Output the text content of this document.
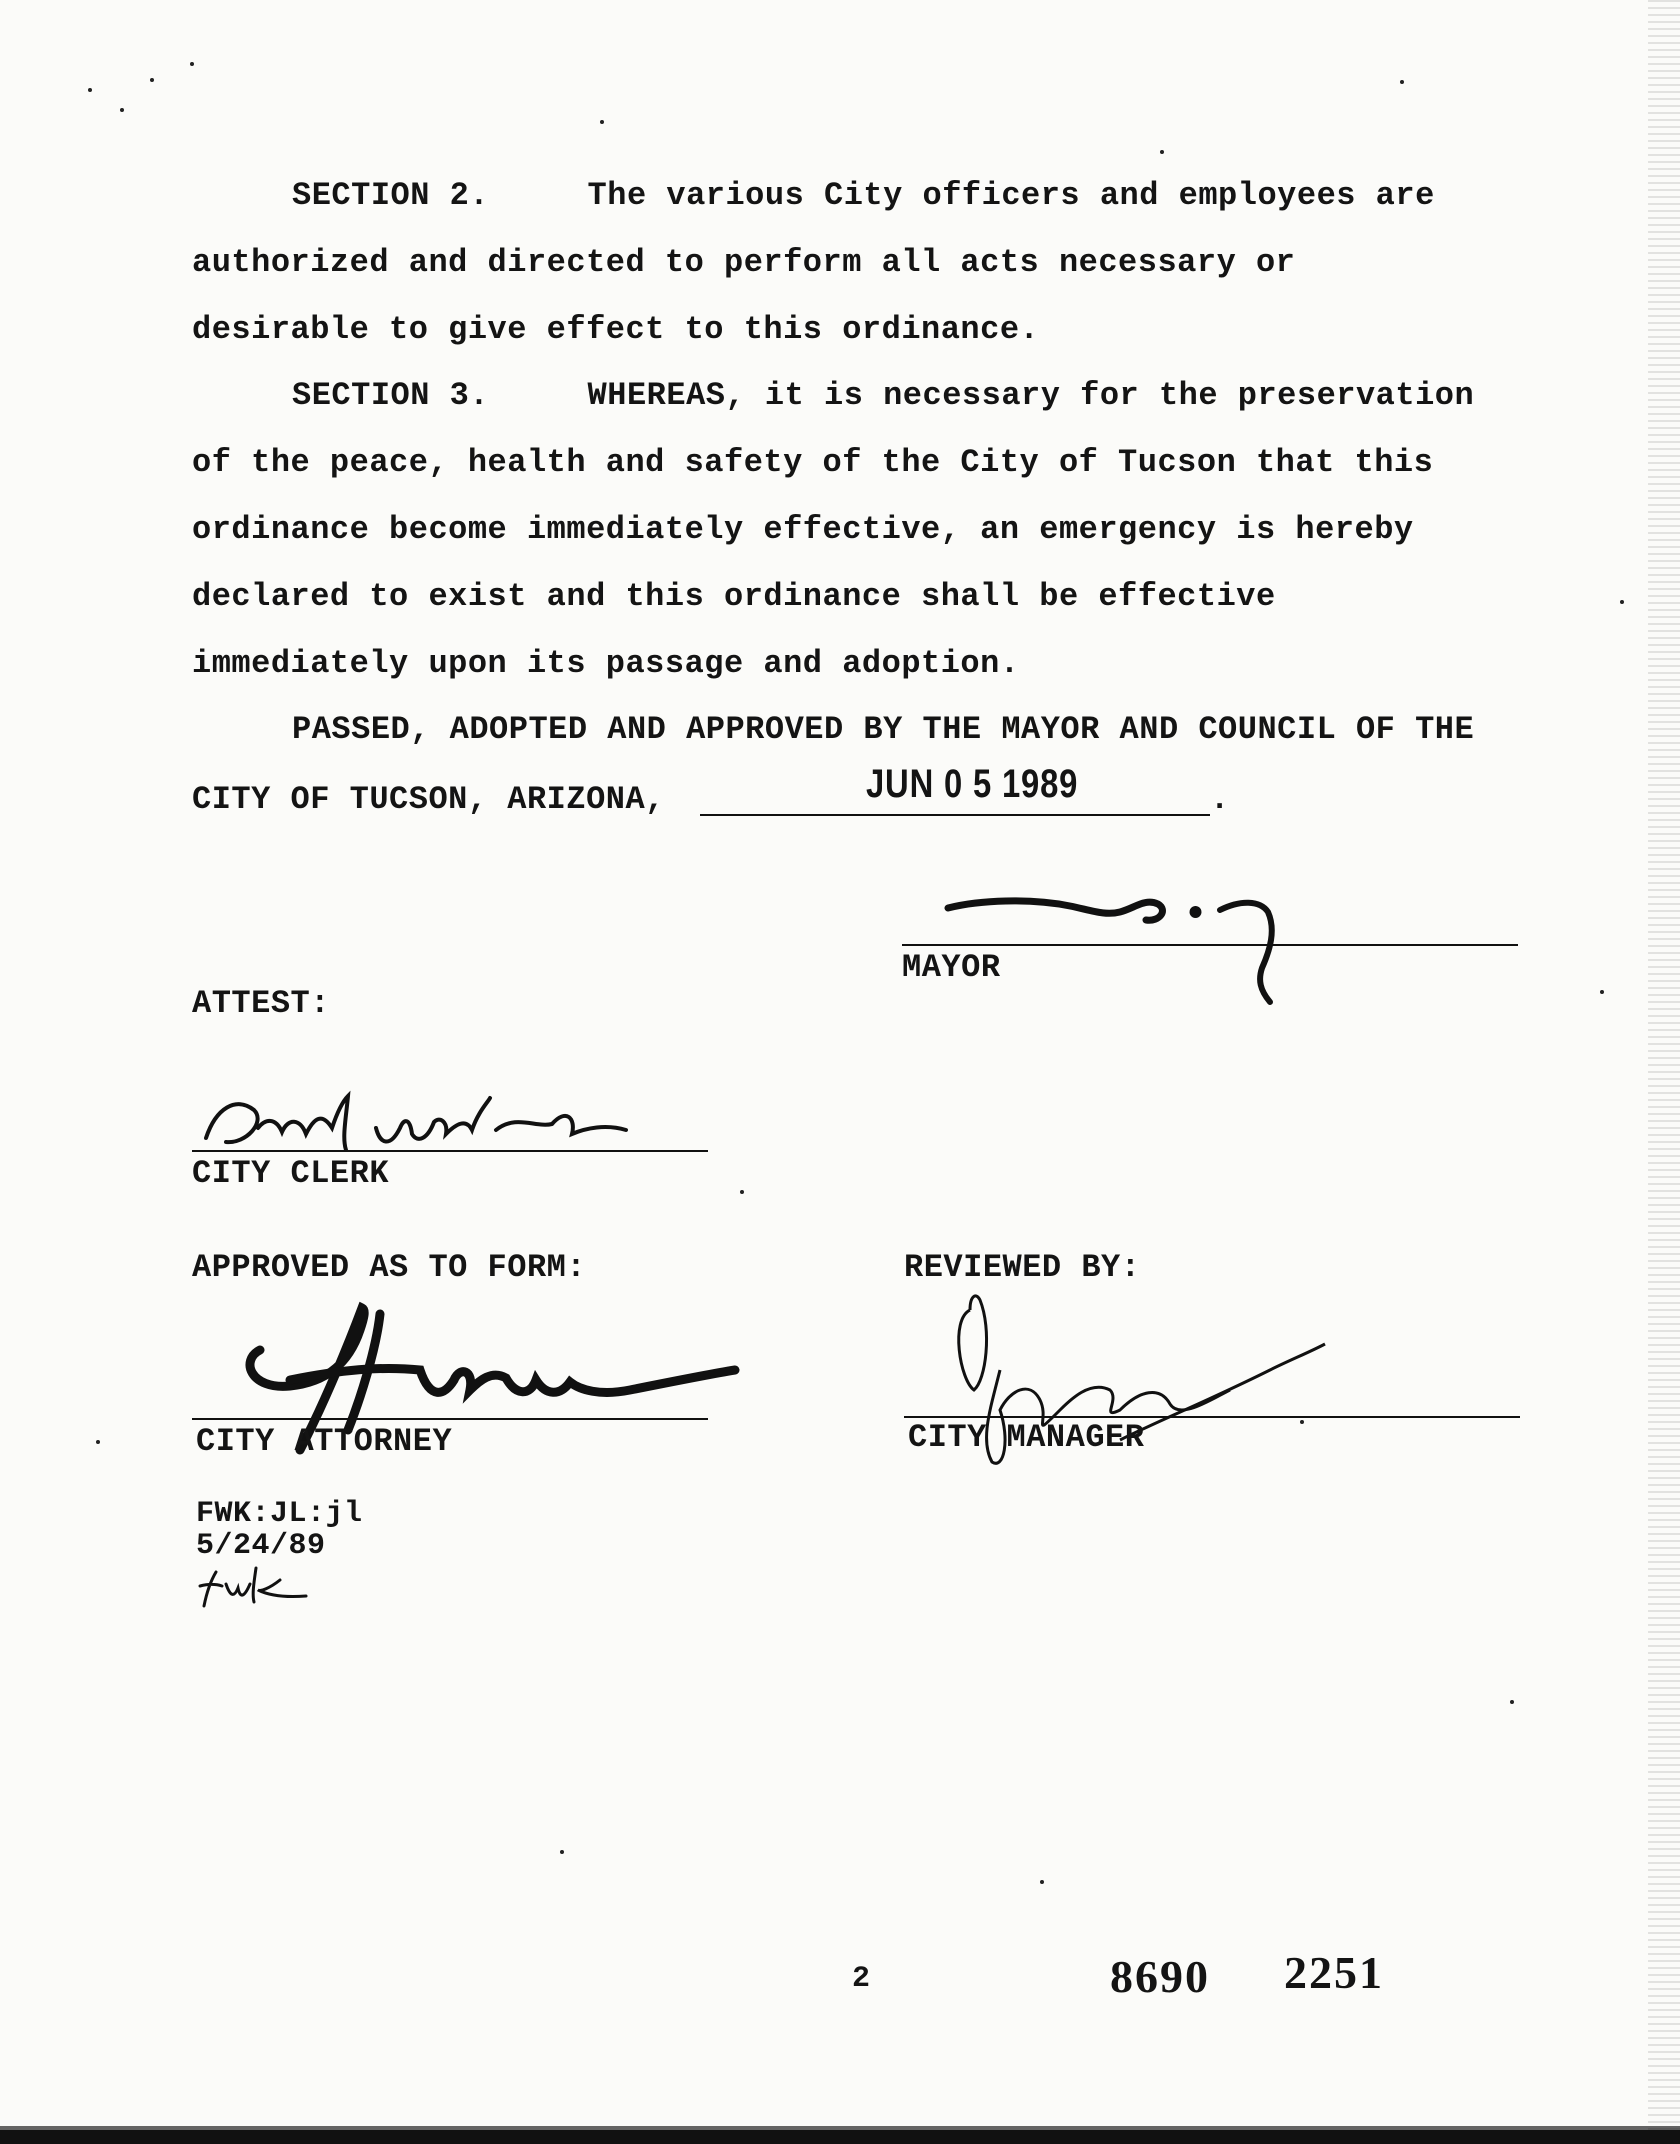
SECTION 2.     The various City officers and employees are
authorized and directed to perform all acts necessary or
desirable to give effect to this ordinance.
SECTION 3.     WHEREAS, it is necessary for the preservation
of the peace, health and safety of the City of Tucson that this
ordinance become immediately effective, an emergency is hereby
declared to exist and this ordinance shall be effective
immediately upon its passage and adoption.
PASSED, ADOPTED AND APPROVED BY THE MAYOR AND COUNCIL OF THE
CITY OF TUCSON, ARIZONA,	JUN 0 5 1989	.
MAYOR
ATTEST:
CITY CLERK
APPROVED AS TO FORM:
CITY ATTORNEY
REVIEWED BY:
CITY MANAGER
FWK:JL:jl
5/24/89
2	8690 2251
